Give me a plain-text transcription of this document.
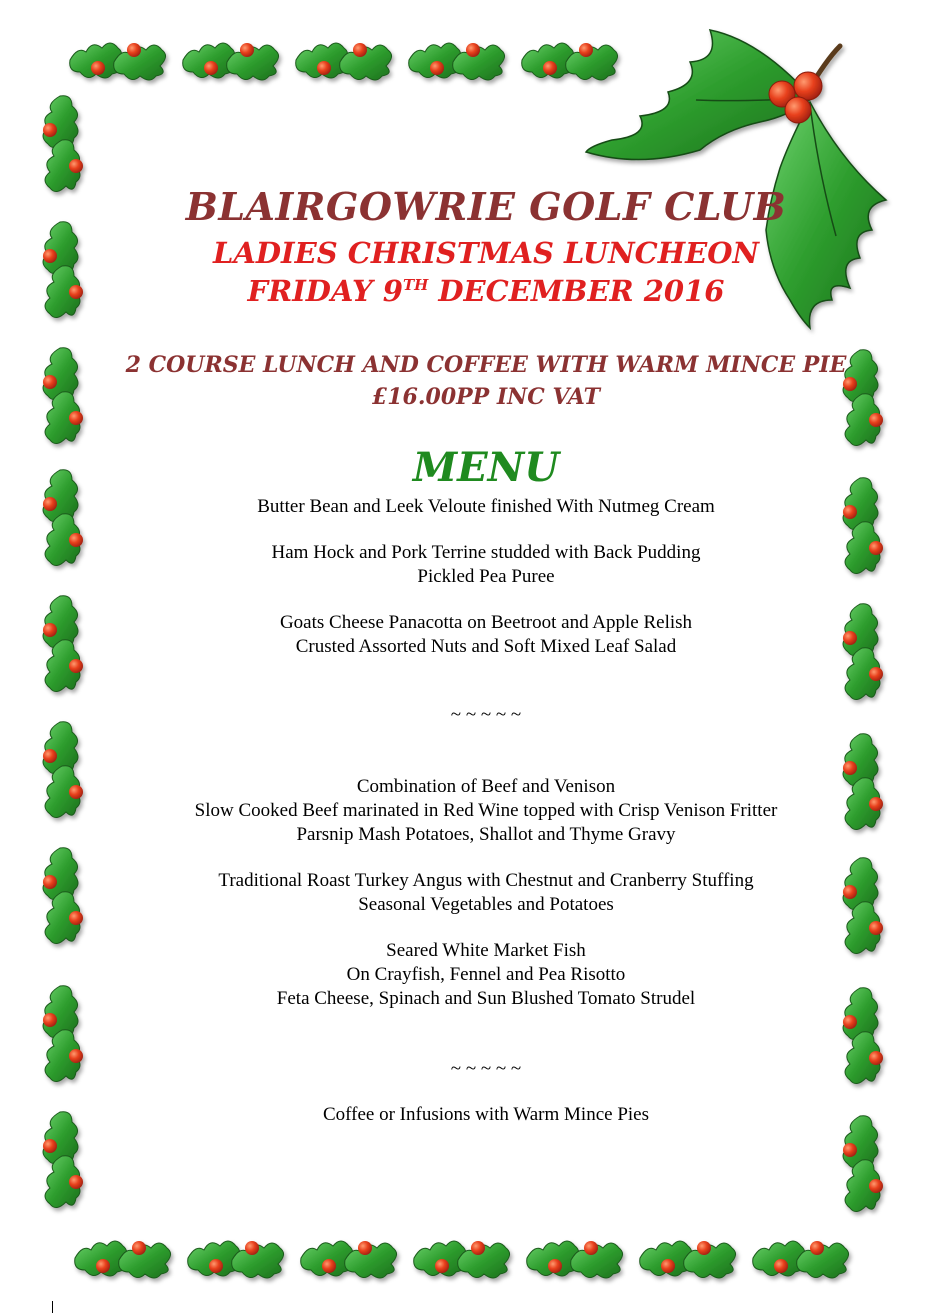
BLAIRGOWRIE GOLF CLUB
LADIES CHRISTMAS LUNCHEON
FRIDAY 9TH DECEMBER 2016
2 COURSE LUNCH AND COFFEE WITH WARM MINCE PIE
£16.00PP INC VAT
MENU
Butter Bean and Leek Veloute finished With Nutmeg Cream
Ham Hock and Pork Terrine studded with Back Pudding
Pickled Pea Puree
Goats Cheese Panacotta on Beetroot and Apple Relish
Crusted Assorted Nuts and Soft Mixed Leaf Salad
~ ~ ~ ~ ~
Combination of Beef and Venison
Slow Cooked Beef marinated in Red Wine topped with Crisp Venison Fritter
Parsnip Mash Potatoes, Shallot and Thyme Gravy
Traditional Roast Turkey Angus with Chestnut and Cranberry Stuffing
Seasonal Vegetables and Potatoes
Seared White Market Fish
On Crayfish, Fennel and Pea Risotto
Feta Cheese, Spinach and Sun Blushed Tomato Strudel
~ ~ ~ ~ ~
Coffee or Infusions with Warm Mince Pies
